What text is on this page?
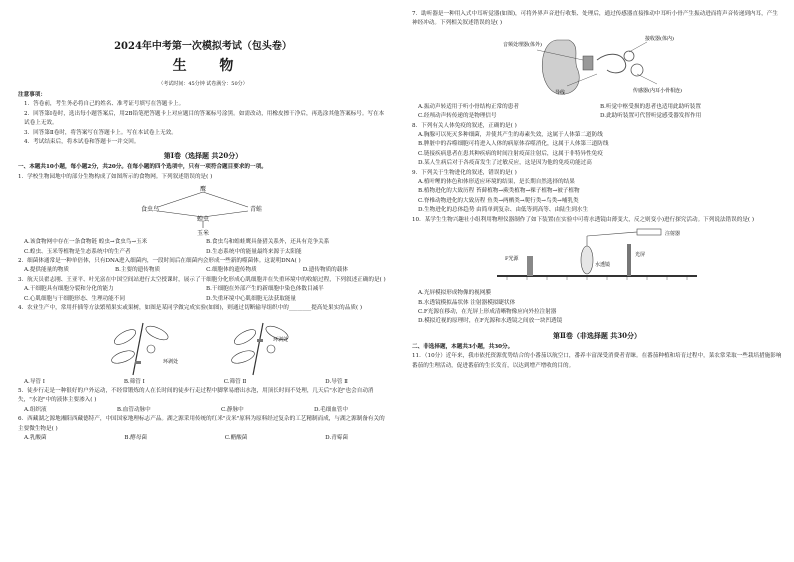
2024年中考第一次模拟考试（包头卷）
生 物
（考试时间：45分钟 试卷满分：50分）
注意事项：
1．答卷前，考生务必将自己的姓名、准考证号填写在答题卡上。
2．回答第Ⅰ卷时，选出每小题答案后，用2B铅笔把答题卡上对应题目的答案标号涂黑。如需改动，用橡皮擦干净后，再选涂其他答案标号。写在本试卷上无效。
3．回答第Ⅱ卷时，将答案写在答题卡上。写在本试卷上无效。
4．考试结束后，将本试卷和答题卡一并交回。
第Ⅰ卷（选择题 共20分）
一、本题共10小题，每小题2分，共20分。在每小题的四个选项中，只有一项符合题目要求的一项。
1．学校生物园地中的部分生物构成了如图所示的食物网。下列叙述错误的是( )
鹰
食虫鸟	青蛙
蝗虫
玉米
A.该食物网中存在一条食物链 蝗虫→食虫鸟→玉米	B.食虫鸟和蝗蛙鹰具备猎关系外，还具有竞争关系
C.蝗虫、玉米等植物是生态系统中的生产者	D.生态系统中的能量最终来源于太阳能
2．细菌体通常是一种单倍体，只有DNA进入细菌内，一段时间后在细菌内会形成一些新的噬菌体。这说明DNA( )
A.提供能量的物质	B.主要的遗传物质	C.细胞体的遗传物质	D.遗传物质的载体
3．航天员翟志刚、王亚平、叶光富在中国空间站进行太空授课时，展示了干细胞分化形成心肌细胞并在失重环境中的收缩过程，下列叙述正确的是( )
A.干细胞具有细胞分裂和分化的能力	B.干细胞在外部产生的新细胞中染色体数目减半
C.心肌细胞与干细胞形态、生理功能不同	D.失重环境中心肌细胞无法获取能量
4．农业生产中，常用扦插等方法繁殖果实或果树，如图是某同学做完成实验(如图)，则通过切断输导组织中的________提高处果实的品质( )
环剥处
环剥处
A.导管 Ⅰ	B.筛管 Ⅰ	C.筛管 Ⅱ	D.导管 Ⅱ
5．徒步行走是一种很好的户外运动，不经常锻炼的人在长时间的徒步行走过程中脚掌易磨出水泡，用顶长时间不处理，几天后"水泡"也会自动消失，"水泡"中的液体主要渗入( )
A.组织液	B.血管动脉中	C.静脉中	D.毛细血管中
6．西藏湖之源地湘阳西藏德特产，中国国家地理标志产品。湖之源采用传统的红米"贡米"原料为原料经过复杂的工艺精制而成，与湖之源制备有关的主要微生物是( )
A.乳酸菌	B.酵母菌	C.醋酸菌	D.青霉菌
7．助听器是一种用入式中耳听觉器(如图)，可将外界声音进行收集、处理后，通过传感器直接推动中耳听小骨产生振动进而将声音传递到内耳，产生神经冲动。下列相关叙述错误的是( )
音频处理器(体外)
接收器(体内)
导线	传感器(内耳小骨相连)
A.振动声转适用于听小骨结构正常的患者	B.听觉中枢受损的患者也适用此助听装置
C.经颅动声转传递的是物理信号	D.此助听装置可代替听觉感受器发挥作用
8．下列有关人体免疫的叙述，正确的是( )
A.胸腺可以死灭多种细菌，并使其产生的毒素失效，这属于人体第二道防线
B.脾脏中的吞噬细胞可将进入人体的病原体吞噬消化，这属于人体第三道防线
C.链接疾病患者在患其种疾病的时间注射疫苗注射后，这属于非特异性免疫
D.某人生病后对于各疫苗发生了过敏反应，这是因为他的免疫功能过高
9．下列关于生物进化的叙述，错误的是( )
A.植叶鲤的体色和体形适应环境的结果，是长期自然选择的结果
B.植物进化的大致历程 苔藓植物→蕨类植物→裸子植物→被子植物
C.脊椎动物进化的大致历程 鱼类→两栖类→爬行类→鸟类→哺乳类
D.生物进化的总体趋势 由简单到复杂、由低等到高等、由陆生到水生
10．某学生生物兴趣社小组利用物理仪器制作了如下装置(在实验中可将水透镜由薄变大，反之则变小)进行探究活动。下列说法错误的是( )
注射器
F光源
水透镜
光屏
A.光屏模拟形成物像的视网膜
B.水透镜模拟晶状体 注射器模拟睫状体
C.F光源在移动，在光屏上形成清晰物像应向外拉注射器
D.模拟近视的原理时，在F光源和水透镜之间放一块凹透镜
第Ⅱ卷（非选择题 共30分）
二、非选择题，本题共3小题，共30分。
11．（10分）近年来，我市依托资源优势结合的小番茄以航空口，番养丰富深受消费者青睐。在番茄种植和培育过程中，菜农常采取一些栽培措施影响番茄的生理活动，促进番茄的生长发育，以达到增产增收的目的。
